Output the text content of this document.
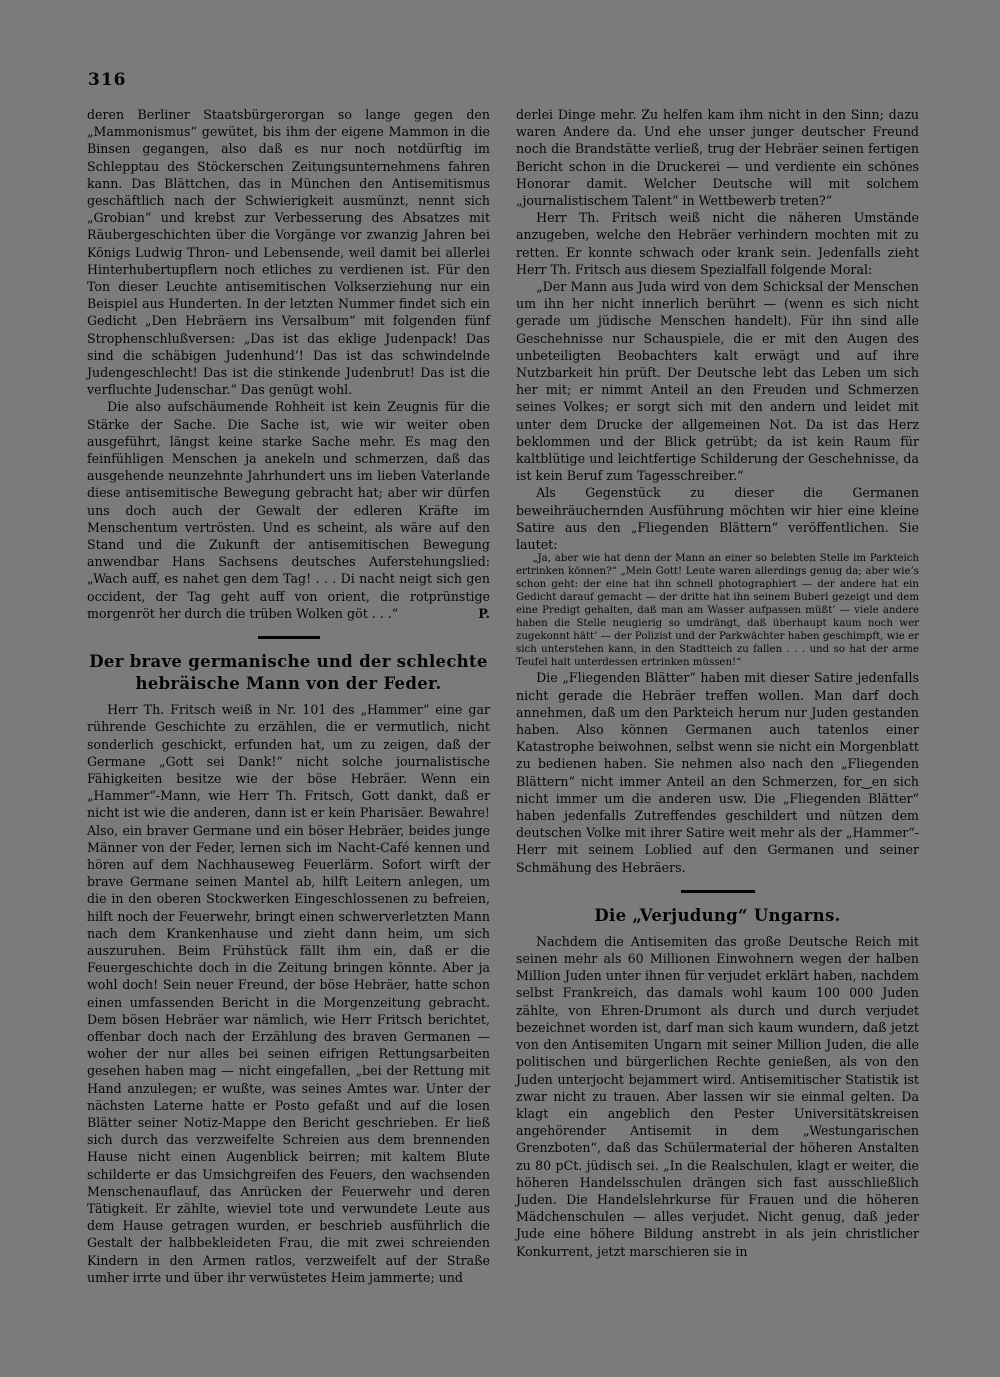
316

deren Berliner Staatsbürgerorgan so lange gegen den „Mammonismus“ gewütet, bis ihm der eigene Mammon in die Binsen gegangen, also daß es nur noch notdürftig im Schlepptau des Stöckerschen Zeitungsunternehmens fahren kann. Das Blättchen, das in München den Antisemitismus geschäftlich nach der Schwierigkeit ausmünzt, nennt sich „Grobian“ und krebst zur Verbesserung des Absatzes mit Räubergeschichten über die Vorgänge vor zwanzig Jahren bei Königs Ludwig Thron- und Lebensende, weil damit bei allerlei Hinterhubertupflern noch etliches zu verdienen ist. Für den Ton dieser Leuchte antisemitischen Volkserziehung nur ein Beispiel aus Hunderten. In der letzten Nummer findet sich ein Gedicht „Den Hebräern ins Versalbum“ mit folgenden fünf Strophenschlußversen: „Das ist das eklige Judenpack! Das sind die schäbigen Judenhund’! Das ist das schwindelnde Judengeschlecht! Das ist die stinkende Judenbrut! Das ist die verfluchte Judenschar.“ Das genügt wohl.

Die also aufschäumende Rohheit ist kein Zeugnis für die Stärke der Sache. Die Sache ist, wie wir weiter oben ausgeführt, längst keine starke Sache mehr. Es mag den feinfühligen Menschen ja anekeln und schmerzen, daß das ausgehende neunzehnte Jahrhundert uns im lieben Vaterlande diese antisemitische Bewegung gebracht hat; aber wir dürfen uns doch auch der Gewalt der edleren Kräfte im Menschentum vertrösten. Und es scheint, als wäre auf den Stand und die Zukunft der antisemitischen Bewegung anwendbar Hans Sachsens deutsches Auferstehungslied: „Wach auff, es nahet gen dem Tag! . . . Di nacht neigt sich gen occident, der Tag geht auff von orient, die rotprünstige morgenröt her durch die trüben Wolken göt . . .“	P.
Der brave germanische und der schlechte hebräische Mann von der Feder.

Herr Th. Fritsch weiß in Nr. 101 des „Hammer“ eine gar rührende Geschichte zu erzählen, die er vermutlich, nicht sonderlich geschickt, erfunden hat, um zu zeigen, daß der Germane „Gott sei Dank!“ nicht solche journalistische Fähigkeiten besitze wie der böse Hebräer. Wenn ein „Hammer“-Mann, wie Herr Th. Fritsch, Gott dankt, daß er nicht ist wie die anderen, dann ist er kein Pharisäer. Bewahre! Also, ein braver Germane und ein böser Hebräer, beides junge Männer von der Feder, lernen sich im Nacht-Café kennen und hören auf dem Nachhauseweg Feuerlärm. Sofort wirft der brave Germane seinen Mantel ab, hilft Leitern anlegen, um die in den oberen Stockwerken Eingeschlossenen zu befreien, hilft noch der Feuerwehr, bringt einen schwerverletzten Mann nach dem Krankenhause und zieht dann heim, um sich auszuruhen. Beim Frühstück fällt ihm ein, daß er die Feuergeschichte doch in die Zeitung bringen könnte. Aber ja wohl doch! Sein neuer Freund, der böse Hebräer, hatte schon einen umfassenden Bericht in die Morgenzeitung gebracht. Dem bösen Hebräer war nämlich, wie Herr Fritsch berichtet, offenbar doch nach der Erzählung des braven Germanen — woher der nur alles bei seinen eifrigen Rettungsarbeiten gesehen haben mag — nicht eingefallen, „bei der Rettung mit Hand anzulegen; er wußte, was seines Amtes war. Unter der nächsten Laterne hatte er Posto gefaßt und auf die losen Blätter seiner Notiz-Mappe den Bericht geschrieben. Er ließ sich durch das verzweifelte Schreien aus dem brennenden Hause nicht einen Augenblick beirren; mit kaltem Blute schilderte er das Umsichgreifen des Feuers, den wachsenden Menschenauflauf, das Anrücken der Feuerwehr und deren Tätigkeit. Er zählte, wieviel tote und verwundete Leute aus dem Hause getragen wurden, er beschrieb ausführlich die Gestalt der halbbekleideten Frau, die mit zwei schreienden Kindern in den Armen ratlos, verzweifelt auf der Straße umher irrte und über ihr verwüstetes Heim jammerte; und

derlei Dinge mehr. Zu helfen kam ihm nicht in den Sinn; dazu waren Andere da. Und ehe unser junger deutscher Freund noch die Brandstätte verließ, trug der Hebräer seinen fertigen Bericht schon in die Druckerei — und verdiente ein schönes Honorar damit. Welcher Deutsche will mit solchem „journalistischem Talent“ in Wettbewerb treten?“

Herr Th. Fritsch weiß nicht die näheren Umstände anzugeben, welche den Hebräer verhindern mochten mit zu retten. Er konnte schwach oder krank sein. Jedenfalls zieht Herr Th. Fritsch aus diesem Spezialfall folgende Moral:

„Der Mann aus Juda wird von dem Schicksal der Menschen um ihn her nicht innerlich berührt — (wenn es sich nicht gerade um jüdische Menschen handelt). Für ihn sind alle Geschehnisse nur Schauspiele, die er mit den Augen des unbeteiligten Beobachters kalt erwägt und auf ihre Nutzbarkeit hin prüft. Der Deutsche lebt das Leben um sich her mit; er nimmt Anteil an den Freuden und Schmerzen seines Volkes; er sorgt sich mit den andern und leidet mit unter dem Drucke der allgemeinen Not. Da ist das Herz beklommen und der Blick getrübt; da ist kein Raum für kaltblütige und leichtfertige Schilderung der Geschehnisse, da ist kein Beruf zum Tagesschreiber.“

Als Gegenstück zu dieser die Germanen beweihräuchernden Ausführung möchten wir hier eine kleine Satire aus den „Fliegenden Blättern“ veröffentlichen. Sie lautet:

„Ja, aber wie hat denn der Mann an einer so belebten Stelle im Parkteich ertrinken können?“ „Mein Gott! Leute waren allerdings genug da; aber wie’s schon geht: der eine hat ihn schnell photographiert — der andere hat ein Gedicht darauf gemacht — der dritte hat ihn seinem Buberl gezeigt und dem eine Predigt gehalten, daß man am Wasser aufpassen müßt’ — viele andere haben die Stelle neugierig so umdrängt, daß überhaupt kaum noch wer zugekonnt hätt’ — der Polizist und der Parkwächter haben geschimpft, wie er sich unterstehen kann, in den Stadtteich zu fallen . . . und so hat der arme Teufel halt unterdessen ertrinken müssen!“

Die „Fliegenden Blätter“ haben mit dieser Satire jedenfalls nicht gerade die Hebräer treffen wollen. Man darf doch annehmen, daß um den Parkteich herum nur Juden gestanden haben. Also können Germanen auch tatenlos einer Katastrophe beiwohnen, selbst wenn sie nicht ein Morgenblatt zu bedienen haben. Sie nehmen also nach den „Fliegenden Blättern“ nicht immer Anteil an den Schmerzen, for‿en sich nicht immer um die anderen usw. Die „Fliegenden Blätter“ haben jedenfalls Zutreffendes geschildert und nützen dem deutschen Volke mit ihrer Satire weit mehr als der „Hammer“-Herr mit seinem Loblied auf den Germanen und seiner Schmähung des Hebräers.

Die „Verjudung“ Ungarns.

Nachdem die Antisemiten das große Deutsche Reich mit seinen mehr als 60 Millionen Einwohnern wegen der halben Million Juden unter ihnen für verjudet erklärt haben, nachdem selbst Frankreich, das damals wohl kaum 100 000 Juden zählte, von Ehren-Drumont als durch und durch verjudet bezeichnet worden ist, darf man sich kaum wundern, daß jetzt von den Antisemiten Ungarn mit seiner Million Juden, die alle politischen und bürgerlichen Rechte genießen, als von den Juden unterjocht bejammert wird. Antisemitischer Statistik ist zwar nicht zu trauen. Aber lassen wir sie einmal gelten. Da klagt ein angeblich den Pester Universitätskreisen angehörender Antisemit in dem „Westungarischen Grenzboten“, daß das Schülermaterial der höheren Anstalten zu 80 pCt. jüdisch sei. „In die Realschulen, klagt er weiter, die höheren Handelsschulen drängen sich fast ausschließlich Juden. Die Handelslehrkurse für Frauen und die höheren Mädchenschulen — alles verjudet. Nicht genug, daß jeder Jude eine höhere Bildung anstrebt in als jein christlicher Konkurrent, jetzt marschieren sie in
